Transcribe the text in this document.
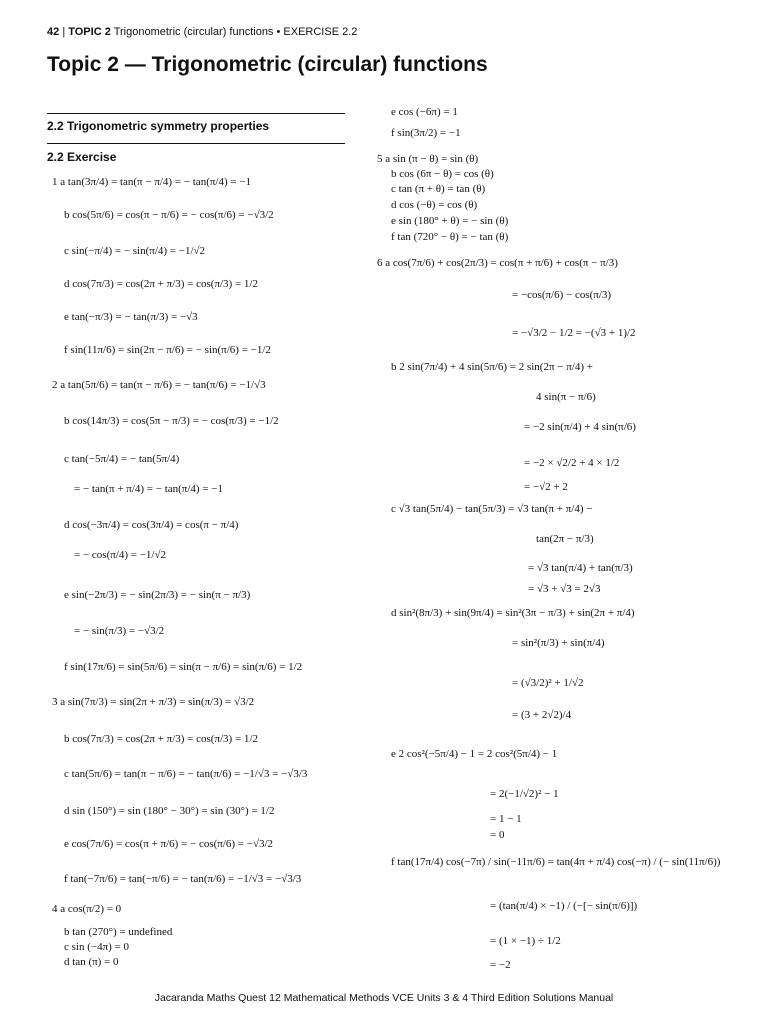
42 | TOPIC 2 Trigonometric (circular) functions • EXERCISE 2.2
Topic 2 — Trigonometric (circular) functions
2.2 Trigonometric symmetry properties
2.2 Exercise
1 a tan(3π/4) = tan(π − π/4) = − tan(π/4) = −1
b cos(5π/6) = cos(π − π/6) = − cos(π/6) = −√3/2
c sin(−π/4) = − sin(π/4) = −1/√2
d cos(7π/3) = cos(2π + π/3) = cos(π/3) = 1/2
e tan(−π/3) = − tan(π/3) = −√3
f sin(11π/6) = sin(2π − π/6) = − sin(π/6) = −1/2
2 a tan(5π/6) = tan(π − π/6) = − tan(π/6) = −1/√3
b cos(14π/3) = cos(5π − π/3) = − cos(π/3) = −1/2
c tan(−5π/4) = − tan(5π/4)
= − tan(π + π/4) = − tan(π/4) = −1
d cos(−3π/4) = cos(3π/4) = cos(π − π/4)
= − cos(π/4) = −1/√2
e sin(−2π/3) = − sin(2π/3) = − sin(π − π/3)
= − sin(π/3) = −√3/2
f sin(17π/6) = sin(5π/6) = sin(π − π/6) = sin(π/6) = 1/2
3 a sin(7π/3) = sin(2π + π/3) = sin(π/3) = √3/2
b cos(7π/3) = cos(2π + π/3) = cos(π/3) = 1/2
c tan(5π/6) = tan(π − π/6) = − tan(π/6) = −1/√3 = −√3/3
d sin (150°) = sin (180° − 30°) = sin (30°) = 1/2
e cos(7π/6) = cos(π + π/6) = − cos(π/6) = −√3/2
f tan(−7π/6) = tan(−π/6) = − tan(π/6) = −1/√3 = −√3/3
4 a cos(π/2) = 0
b tan (270°) = undefined
c sin (−4π) = 0
d tan (π) = 0
e cos (−6π) = 1
f sin(3π/2) = −1
5 a sin (π − θ) = sin (θ)
b cos (6π − θ) = cos (θ)
c tan (π + θ) = tan (θ)
d cos (−θ) = cos (θ)
e sin (180° + θ) = − sin (θ)
f tan (720° − θ) = − tan (θ)
6 a cos(7π/6) + cos(2π/3) = cos(π + π/6) + cos(π − π/3)
= −cos(π/6) − cos(π/3)
= −√3/2 − 1/2 = −(√3 + 1)/2
b 2 sin(7π/4) + 4 sin(5π/6) = 2 sin(2π − π/4) +
4 sin(π − π/6)
= −2 sin(π/4) + 4 sin(π/6)
= −2 × √2/2 + 4 × 1/2
= −√2 + 2
c √3 tan(5π/4) − tan(5π/3) = √3 tan(π + π/4) −
tan(2π − π/3)
= √3 tan(π/4) + tan(π/3)
= √3 + √3 = 2√3
d sin²(8π/3) + sin(9π/4) = sin²(3π − π/3) + sin(2π + π/4)
= sin²(π/3) + sin(π/4)
= (√3/2)² + 1/√2
= (3 + 2√2)/4
e 2 cos²(−5π/4) − 1 = 2 cos²(5π/4) − 1
= 2(−1/√2)² − 1
= 1 − 1
= 0
f tan(17π/4) cos(−7π) / sin(−11π/6) = tan(4π + π/4) cos(−π) / (− sin(11π/6))
= (tan(π/4) × −1) / (−[− sin(π/6)])
= (1 × −1) ÷ 1/2
= −2
Jacaranda Maths Quest 12 Mathematical Methods VCE Units 3 & 4 Third Edition Solutions Manual
